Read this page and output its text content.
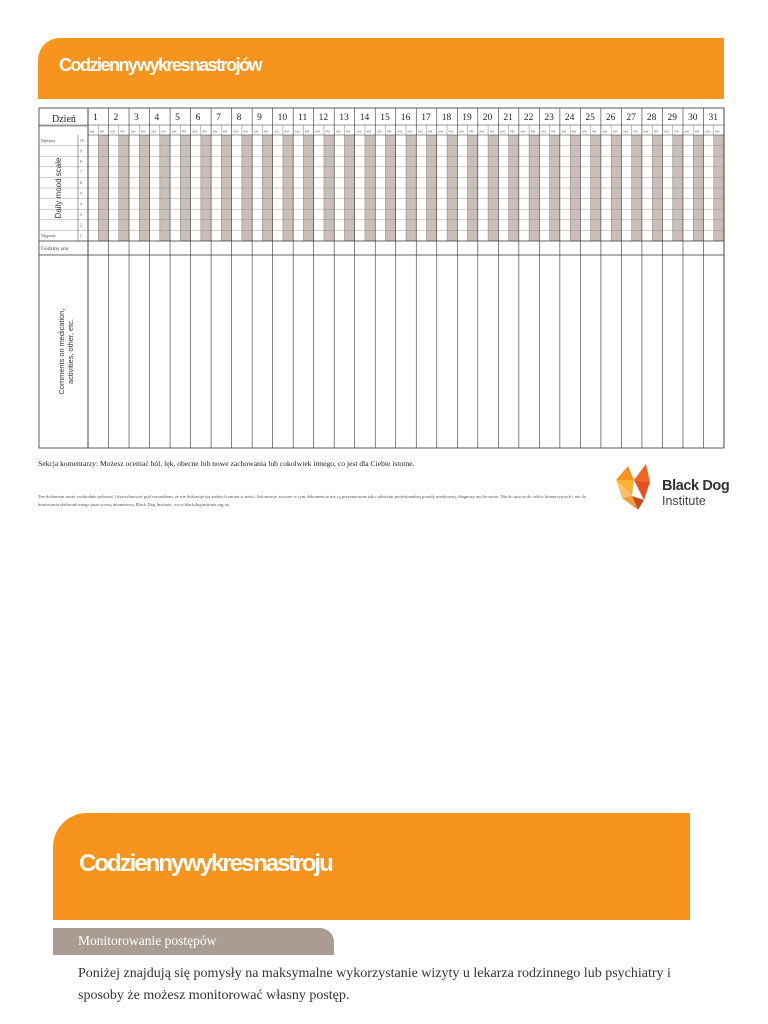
Codzienny wykres nastrojów
Dzień 1 2 3 4 5 6 7 8 9 10 11 12 13 14 15 16 17 18 19 20 21 22 23 24 25 26 27 28 29 30 31
AM PM AM PM AM PM AM PM AM PM AM PM AM PM AM PM AM PM AM PM AM PM AM PM AM PM AM PM AM PM AM PM AM PM AM PM AM PM AM PM AM PM AM PM AM PM AM PM AM PM AM PM AM PM AM PM AM PM AM PM AM PM
10
9
8
7
6
5
4
3
2
1
Najlepszy
Najgorszy
Daily mood scale
Godziny snu
Comments on medication,activities, other, etc.
Sekcja komentarzy: Możesz oceniać ból, lęk, obecne lub nowe zachowania lub cokolwiek innego, co jest dla Ciebie istotne.
Ten dokument może swobodnie pobierać i dystrybuować pod warunkiem, że nie dokonuje się żadnych zmian w treści. Informacje zawarte w tym dokumencie nie są przeznaczone jako substytut profesjonalnej porady medycznej, diagnozy ani leczenia. Nie do użycia do celów komercyjnych i nie do hostowania elektronicznego poza stroną internetową Black Dog Institute. www.blackdoginstitute.org.au
Black Dog
Institute
Codzienny wykres nastroju
Monitorowanie postępów
Poniżej znajdują się pomysły na maksymalne wykorzystanie wizyty u lekarza rodzinnego lub psychiatry i sposoby że możesz monitorować własny postęp.
